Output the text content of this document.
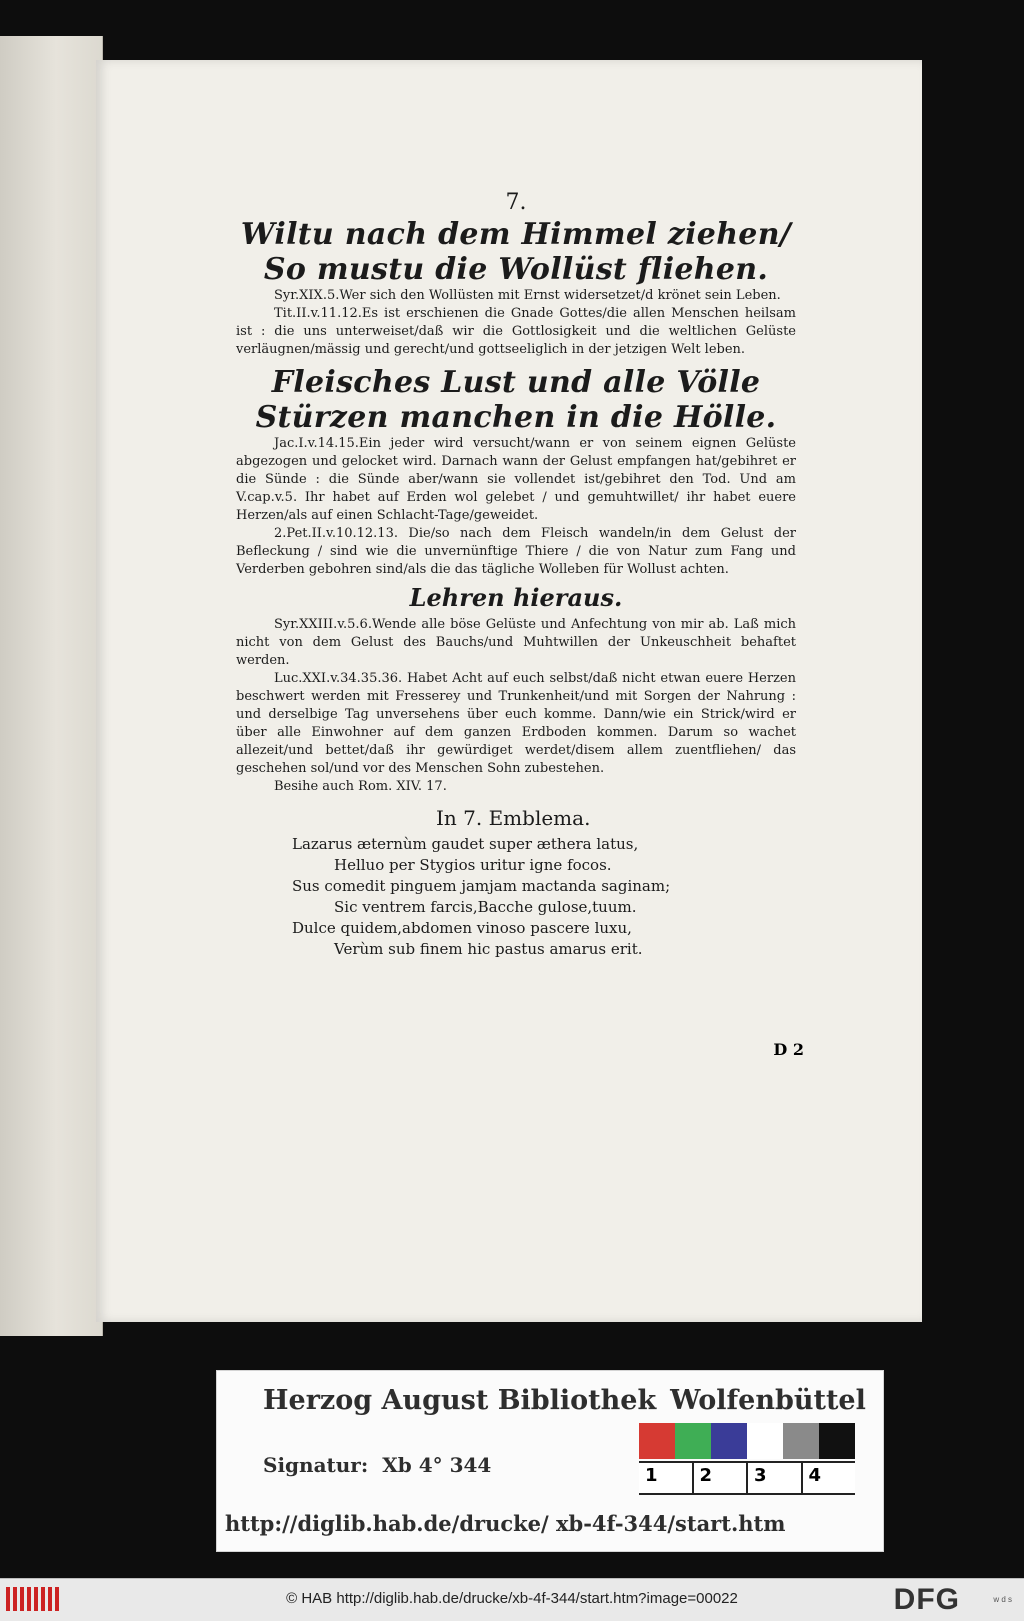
7.
Wiltu nach dem Himmel ziehen/
So mustu die Wollüst fliehen.

Syr.XIX.5.Wer sich den Wollüsten mit Ernst widersetzet/d krönet sein Leben.

Tit.II.v.11.12.Es ist erschienen die Gnade Gottes/die allen Menschen heilsam ist : die uns unterweiset/daß wir die Gottlosigkeit und die weltlichen Gelüste verläugnen/mässig und gerecht/und gottseeliglich in der jetzigen Welt leben.

Fleisches Lust und alle Völle
Stürzen manchen in die Hölle.

Jac.I.v.14.15.Ein jeder wird versucht/wann er von seinem eignen Gelüste abgezogen und gelocket wird. Darnach wann der Gelust empfangen hat/gebihret er die Sünde : die Sünde aber/wann sie vollendet ist/gebihret den Tod. Und am V.cap.v.5. Ihr habet auf Erden wol gelebet / und gemuhtwillet/ ihr habet euere Herzen/als auf einen Schlacht-Tage/geweidet.

2.Pet.II.v.10.12.13. Die/so nach dem Fleisch wandeln/in dem Gelust der Befleckung / sind wie die unvernünftige Thiere / die von Natur zum Fang und Verderben gebohren sind/als die das tägliche Wolleben für Wollust achten.

Lehren hieraus.

Syr.XXIII.v.5.6.Wende alle böse Gelüste und Anfechtung von mir ab. Laß mich nicht von dem Gelust des Bauchs/und Muhtwillen der Unkeuschheit behaftet werden.

Luc.XXI.v.34.35.36. Habet Acht auf euch selbst/daß nicht etwan euere Herzen beschwert werden mit Fresserey und Trunkenheit/und mit Sorgen der Nahrung : und derselbige Tag unversehens über euch komme. Dann/wie ein Strick/wird er über alle Einwohner auf dem ganzen Erdboden kommen. Darum so wachet allezeit/und bettet/daß ihr gewürdiget werdet/disem allem zuentfliehen/ das geschehen sol/und vor des Menschen Sohn zubestehen.

Besihe auch Rom. XIV. 17.

In 7. Emblema.
Lazarus æternùm gaudet super æthera latus,
Helluo per Stygios uritur igne focos.
Sus comedit pinguem jamjam mactanda saginam;
Sic ventrem farcis,Bacche gulose,tuum.
Dulce quidem,abdomen vinoso pascere luxu,
Verùm sub finem hic pastus amarus erit.
D 2
Herzog August Bibliothek Wolfenbüttel
1 2 3 4
Signatur: Xb 4° 344
http://diglib.hab.de/drucke/ xb-4f-344/start.htm
© HAB http://diglib.hab.de/drucke/xb-4f-344/start.htm?image=00022	DFG	w d s
